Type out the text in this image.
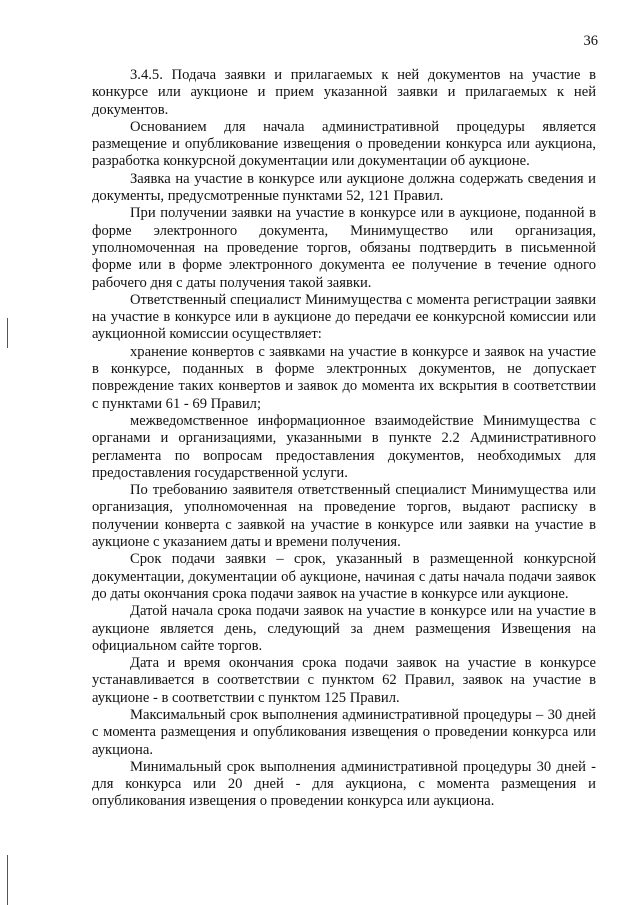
36

3.4.5. Подача заявки и прилагаемых к ней документов на участие в конкурсе или аукционе и прием указанной заявки и прилагаемых к ней документов.

Основанием для начала административной процедуры является размещение и опубликование извещения о проведении конкурса или аукциона, разработка конкурсной документации или документации об аукционе.

Заявка на участие в конкурсе или аукционе должна содержать сведения и документы, предусмотренные пунктами 52, 121 Правил.

При получении заявки на участие в конкурсе или в аукционе, поданной в форме электронного документа, Минимущество или организация, уполномоченная на проведение торгов, обязаны подтвердить в письменной форме или в форме электронного документа ее получение в течение одного рабочего дня с даты получения такой заявки.

Ответственный специалист Минимущества с момента регистрации заявки на участие в конкурсе или в аукционе до передачи ее конкурсной комиссии или аукционной комиссии осуществляет:

хранение конвертов с заявками на участие в конкурсе и заявок на участие в конкурсе, поданных в форме электронных документов, не допускает повреждение таких конвертов и заявок до момента их вскрытия в соответствии с пунктами 61 - 69 Правил;

межведомственное информационное взаимодействие Минимущества с органами и организациями, указанными в пункте 2.2 Административного регламента по вопросам предоставления документов, необходимых для предоставления государственной услуги.

По требованию заявителя ответственный специалист Минимущества или организация, уполномоченная на проведение торгов, выдают расписку в получении конверта с заявкой на участие в конкурсе или заявки на участие в аукционе с указанием даты и времени получения.

Срок подачи заявки – срок, указанный в размещенной конкурсной документации, документации об аукционе, начиная с даты начала подачи заявок до даты окончания срока подачи заявок на участие в конкурсе или аукционе.

Датой начала срока подачи заявок на участие в конкурсе или на участие в аукционе является день, следующий за днем размещения Извещения на официальном сайте торгов.

Дата и время окончания срока подачи заявок на участие в конкурсе устанавливается в соответствии с пунктом 62 Правил, заявок на участие в аукционе - в соответствии с пунктом 125 Правил.

Максимальный срок выполнения административной процедуры – 30 дней с момента размещения и опубликования извещения о проведении конкурса или аукциона.

Минимальный срок выполнения административной процедуры 30 дней - для конкурса или 20 дней - для аукциона, с момента размещения и опубликования извещения о проведении конкурса или аукциона.
